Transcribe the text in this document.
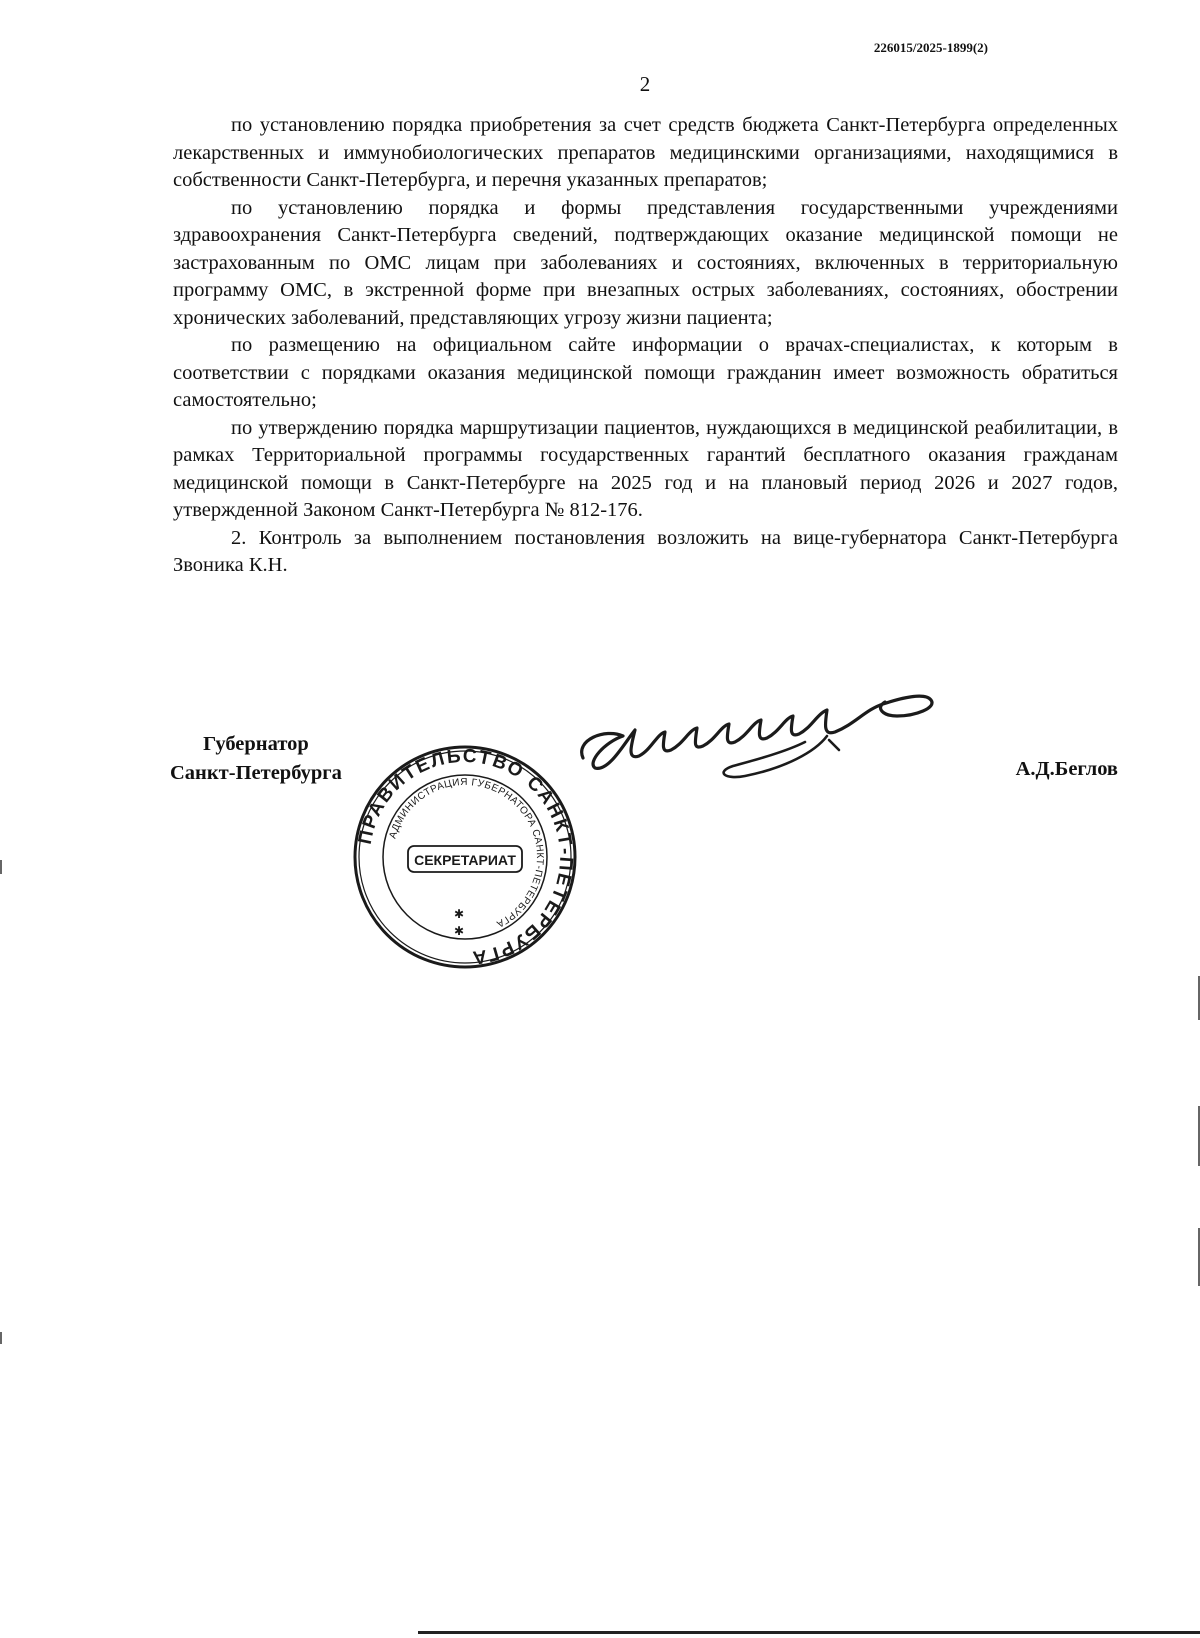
226015/2025-1899(2)
2

по установлению порядка приобретения за счет средств бюджета Санкт-Петербурга определенных лекарственных и иммунобиологических препаратов медицинскими организациями, находящимися в собственности Санкт-Петербурга, и перечня указанных препаратов;

по установлению порядка и формы представления государственными учреждениями здравоохранения Санкт-Петербурга сведений, подтверждающих оказание медицинской помощи не застрахованным по ОМС лицам при заболеваниях и состояниях, включенных в территориальную программу ОМС, в экстренной форме при внезапных острых заболеваниях, состояниях, обострении хронических заболеваний, представляющих угрозу жизни пациента;

по размещению на официальном сайте информации о врачах-специалистах, к которым в соответствии с порядками оказания медицинской помощи гражданин имеет возможность обратиться самостоятельно;

по утверждению порядка маршрутизации пациентов, нуждающихся в медицинской реабилитации, в рамках Территориальной программы государственных гарантий бесплатного оказания гражданам медицинской помощи в Санкт-Петербурге на 2025 год и на плановый период 2026 и 2027 годов, утвержденной Законом Санкт-Петербурга № 812-176.

2. Контроль за выполнением постановления возложить на вице-губернатора Санкт-Петербурга Звоника К.Н.

Губернатор
Санкт-Петербурга
ПРАВИТЕЛЬСТВО САНКТ-ПЕТЕРБУРГА
АДМИНИСТРАЦИЯ ГУБЕРНАТОРА САНКТ-ПЕТЕРБУРГА
СЕКРЕТАРИАТ
✱
✱
А.Д.Беглов
